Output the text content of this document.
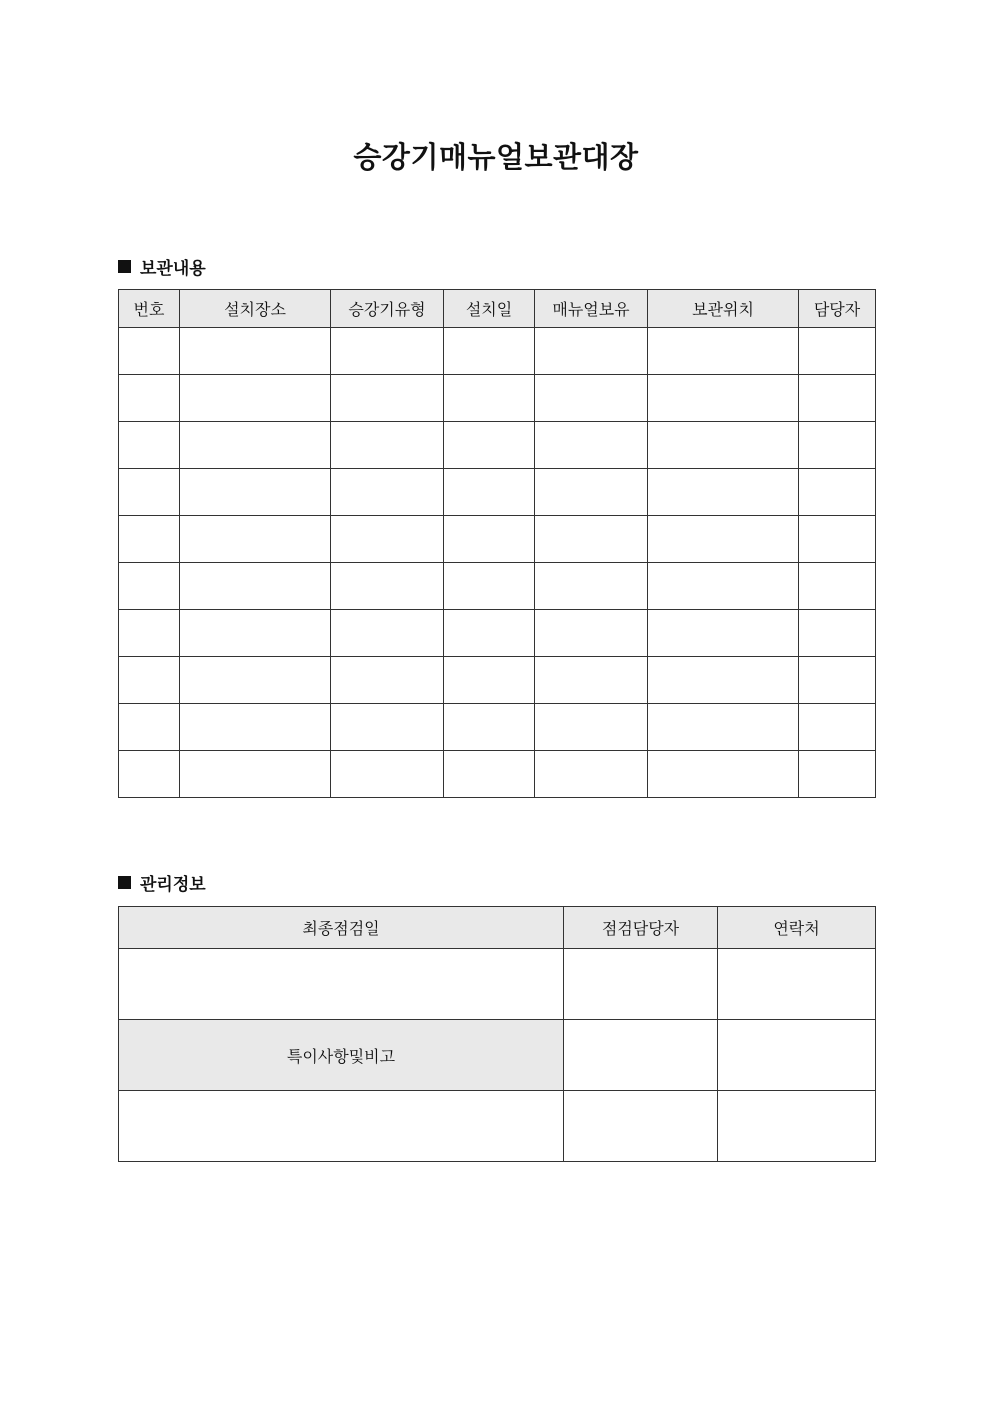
승강기매뉴얼보관대장
보관내용
번호	설치장소	승강기유형	설치일	매뉴얼보유	보관위치	담당자

관리정보
최종점검일	점검담당자	연락처

특이사항및비고		
